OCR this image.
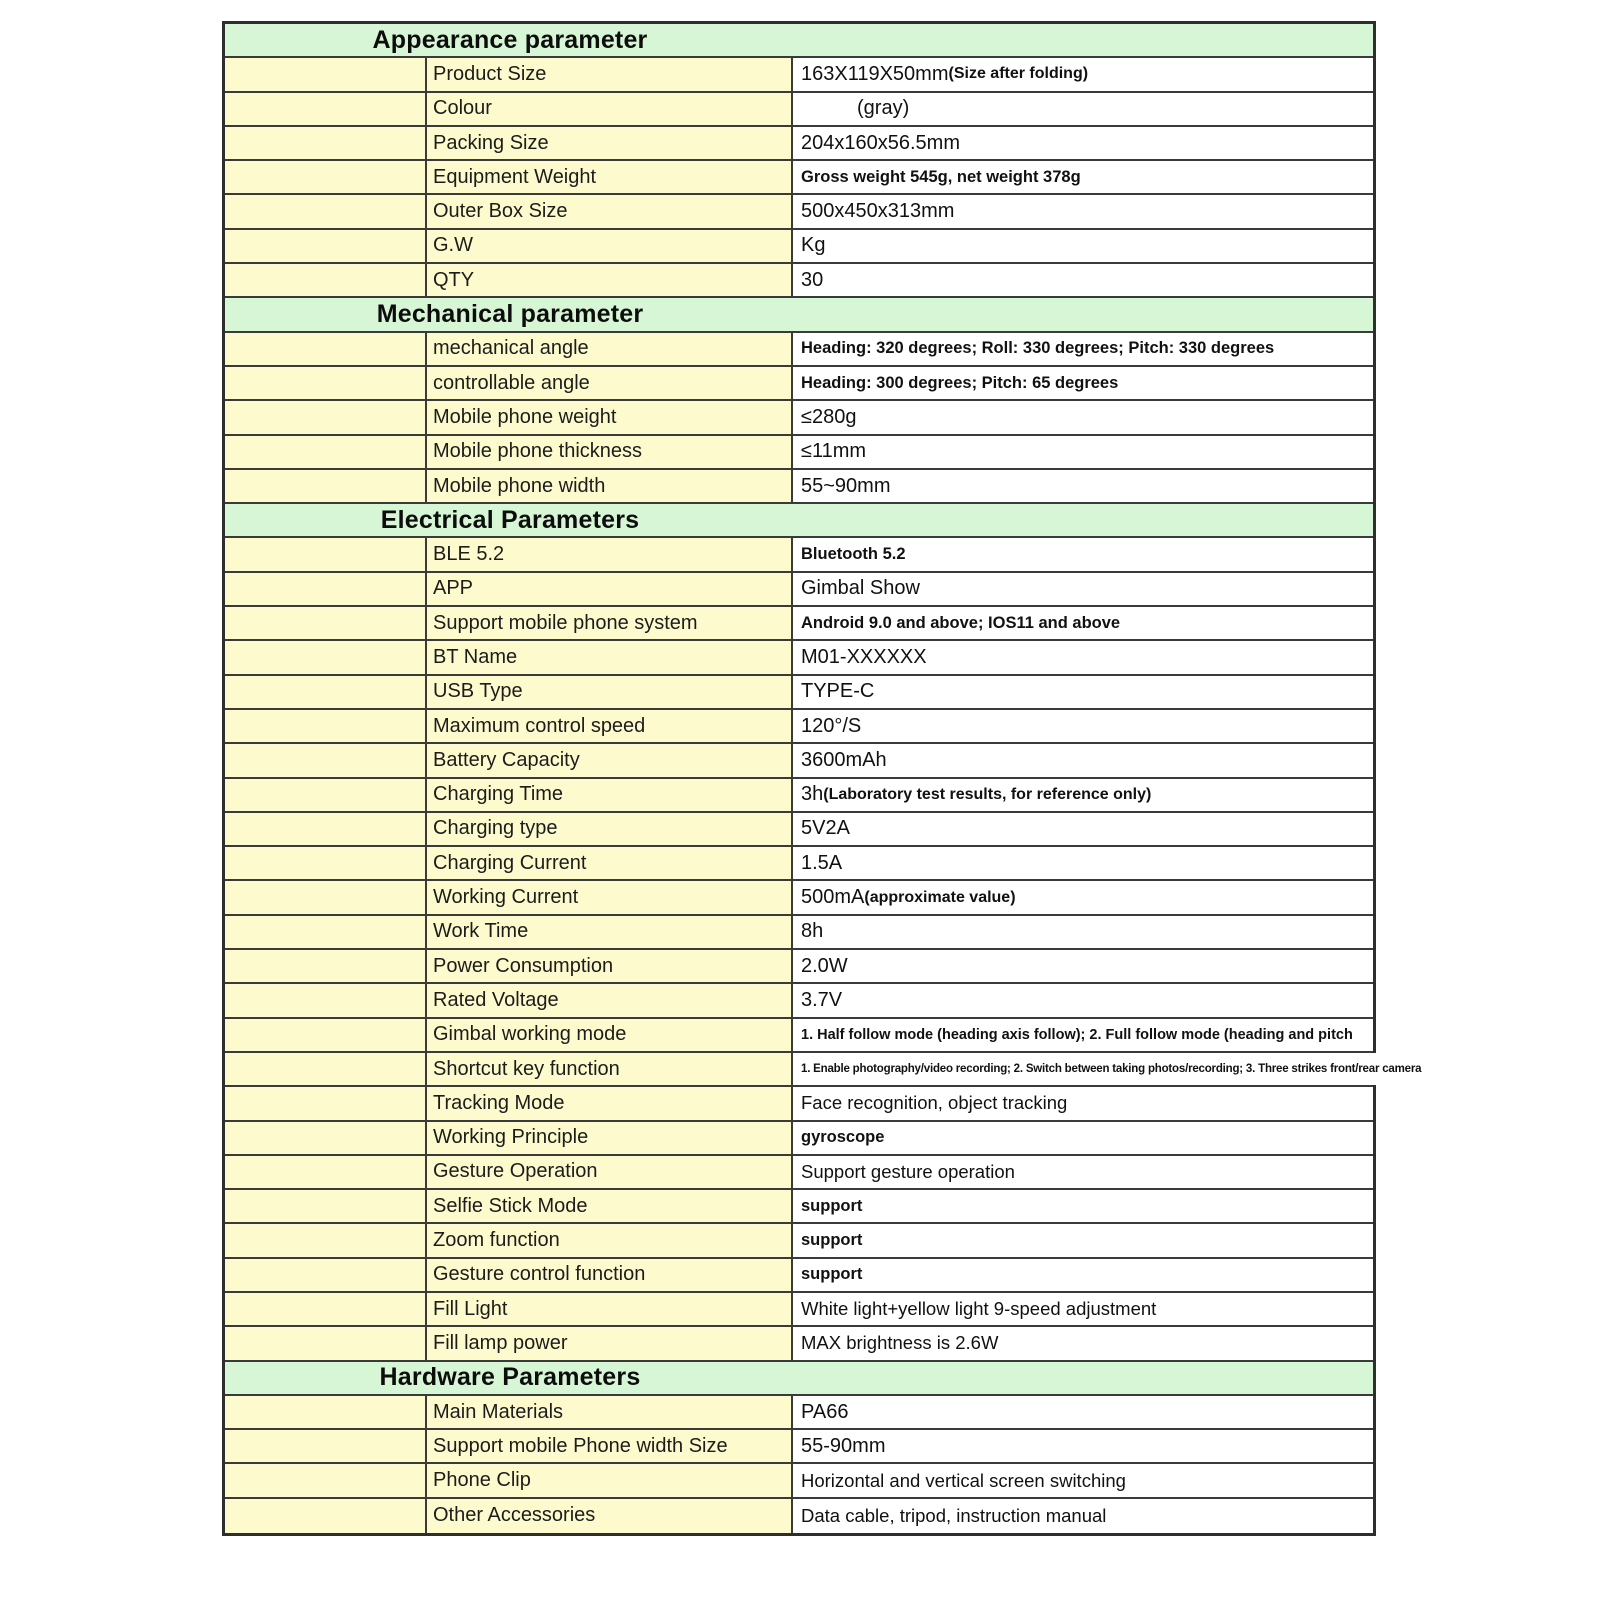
Appearance parameter
Product Size	163X119X50mm (Size after folding)
Colour	(gray)
Packing Size	204x160x56.5mm
Equipment Weight	Gross weight 545g, net weight 378g
Outer Box Size	500x450x313mm
G.W	Kg
QTY	30
Mechanical parameter
mechanical angle	Heading: 320 degrees; Roll: 330 degrees; Pitch: 330 degrees
controllable angle	Heading: 300 degrees; Pitch: 65 degrees
Mobile phone weight	≤280g
Mobile phone thickness	≤11mm
Mobile phone width	55~90mm
Electrical Parameters
BLE 5.2	Bluetooth 5.2
APP	Gimbal Show
Support mobile phone system	Android 9.0 and above; IOS11 and above
BT Name	M01-XXXXXX
USB Type	TYPE-C
Maximum control speed	120°/S
Battery Capacity	3600mAh
Charging Time	3h (Laboratory test results, for reference only)
Charging type	5V2A
Charging Current	1.5A
Working Current	500mA (approximate value)
Work Time	8h
Power Consumption	2.0W
Rated Voltage	3.7V
Gimbal working mode	1. Half follow mode (heading axis follow); 2. Full follow mode (heading and pitch
Shortcut key function	1. Enable photography/video recording; 2. Switch between taking photos/recording; 3. Three strikes front/rear camera
Tracking Mode	Face recognition, object tracking
Working Principle	gyroscope
Gesture Operation	Support gesture operation
Selfie Stick Mode	support
Zoom function	support
Gesture control function	support
Fill Light	White light+yellow light 9-speed adjustment
Fill lamp power	MAX brightness is 2.6W
Hardware Parameters
Main Materials	PA66
Support mobile Phone width Size	55-90mm
Phone Clip	Horizontal and vertical screen switching
Other Accessories	Data cable, tripod, instruction manual
